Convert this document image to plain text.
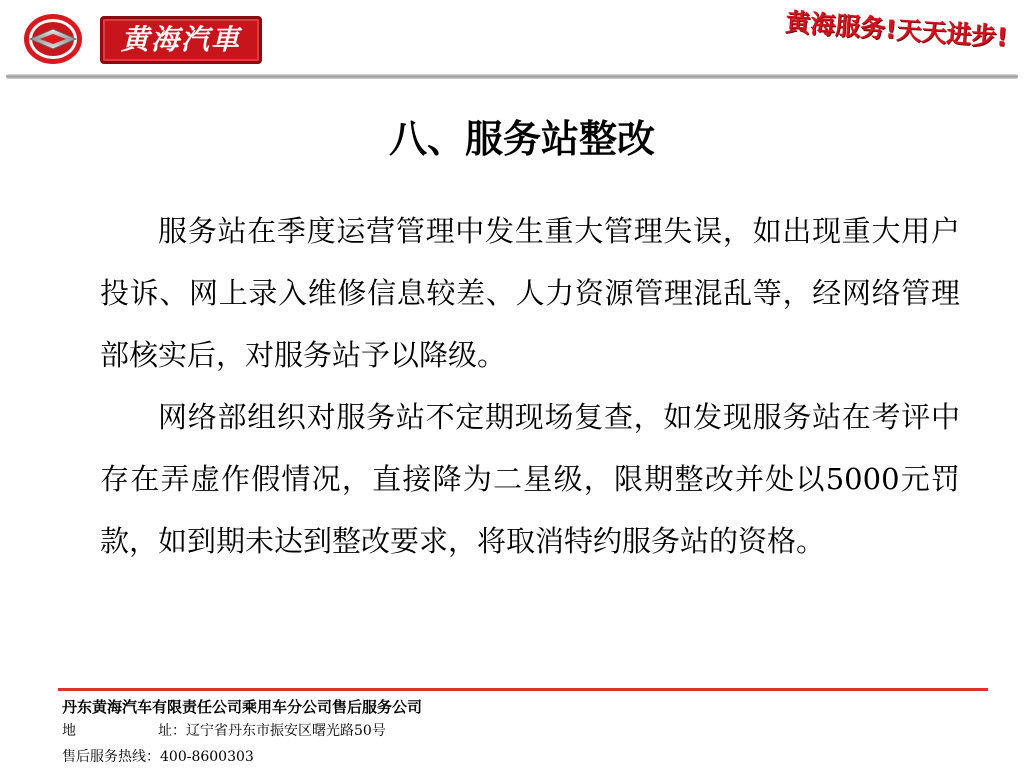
黄海汽車	黄海服务!天天进步!
八、服务站整改

服务站在季度运营管理中发生重大管理失误，如出现重大用户投诉、网上录入维修信息较差、人力资源管理混乱等，经网络管理部核实后，对服务站予以降级。

网络部组织对服务站不定期现场复查，如发现服务站在考评中存在弄虚作假情况，直接降为二星级，限期整改并处以5000元罚款，如到期未达到整改要求，将取消特约服务站的资格。

丹东黄海汽车有限责任公司乘用车分公司售后服务公司
地	址：辽宁省丹东市振安区曙光路50号
售后服务热线：400-8600303
